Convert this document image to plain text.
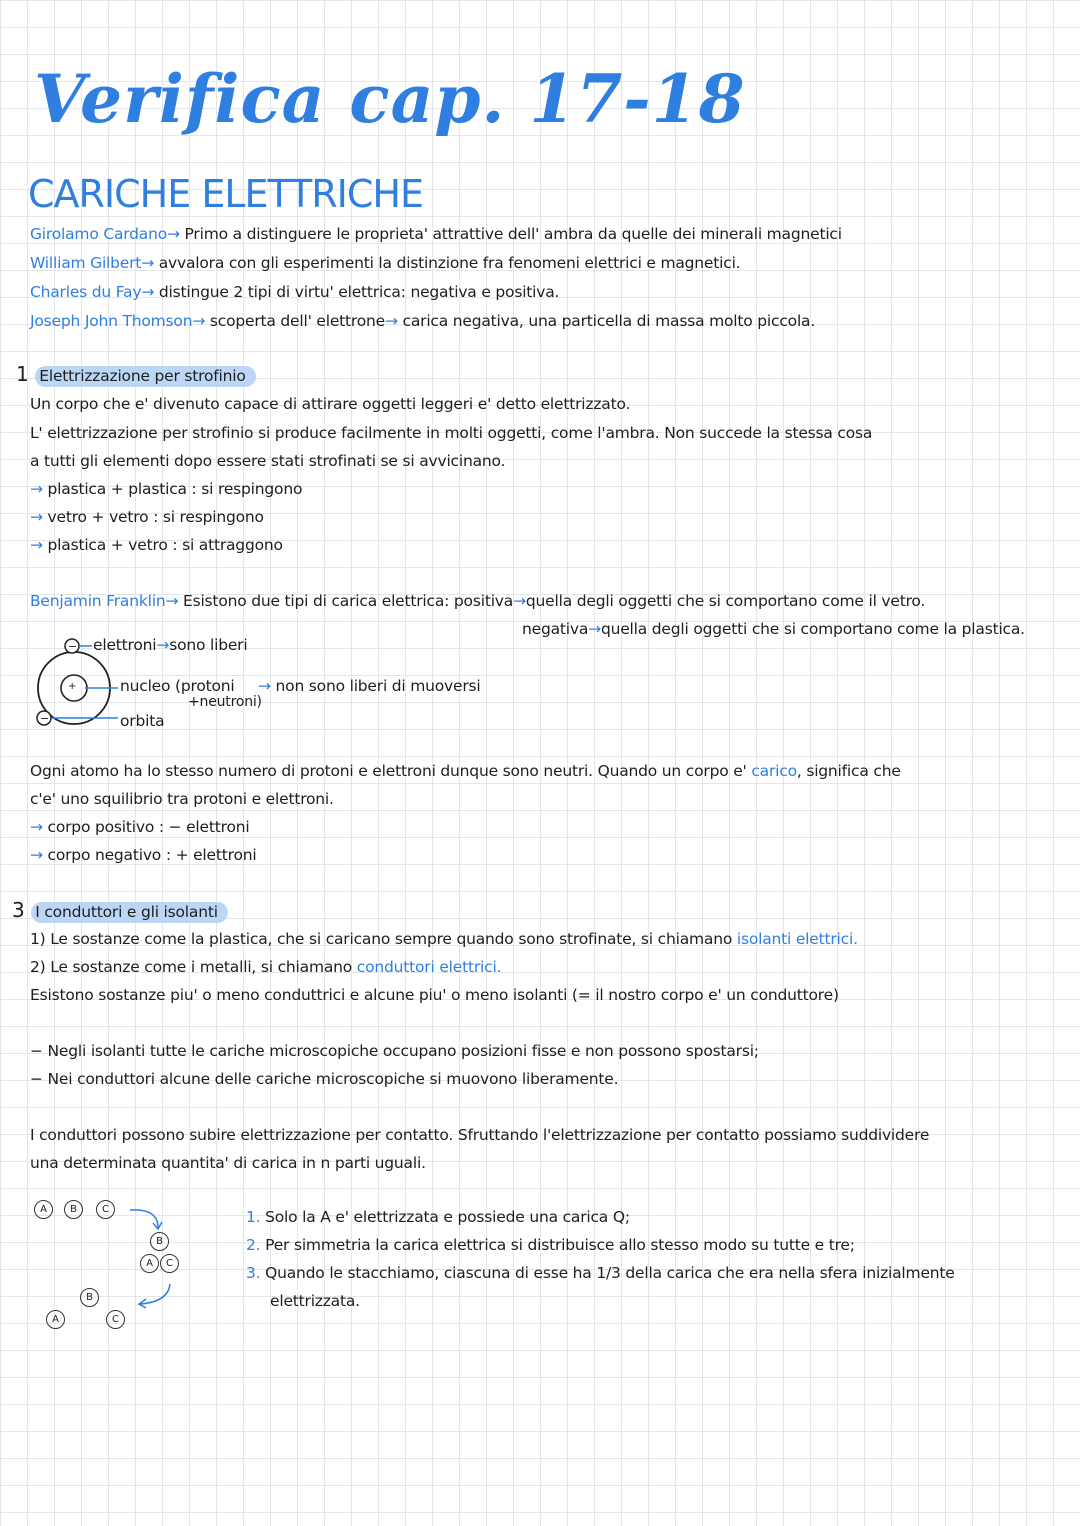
Verifica cap. 17-18
CARICHE ELETTRICHE
Girolamo Cardano→ Primo a distinguere le proprieta' attrattive dell' ambra da quelle dei minerali magnetici
William Gilbert→ avvalora con gli esperimenti la distinzione fra fenomeni elettrici e magnetici.
Charles du Fay→ distingue 2 tipi di virtu' elettrica: negativa e positiva.
Joseph John Thomson→ scoperta dell' elettrone→ carica negativa, una particella di massa molto piccola.
1 Elettrizzazione per strofinio
Un corpo che e' divenuto capace di attirare oggetti leggeri e' detto elettrizzato.
L' elettrizzazione per strofinio si produce facilmente in molti oggetti, come l'ambra. Non succede la stessa cosa
a tutti gli elementi dopo essere stati strofinati se si avvicinano.
→ plastica + plastica : si respingono
→ vetro + vetro : si respingono
→ plastica + vetro : si attraggono
Benjamin Franklin→ Esistono due tipi di carica elettrica: positiva→quella degli oggetti che si comportano come il vetro.
negativa→quella degli oggetti che si comportano come la plastica.
−
−
+
elettroni→sono liberi
nucleo (protoni
+neutroni)
→ non sono liberi di muoversi
orbita
Ogni atomo ha lo stesso numero di protoni e elettroni dunque sono neutri. Quando un corpo e' carico, significa che
c'e' uno squilibrio tra protoni e elettroni.
→ corpo positivo : − elettroni
→ corpo negativo : + elettroni
3 I conduttori e gli isolanti
1) Le sostanze come la plastica, che si caricano sempre quando sono strofinate, si chiamano isolanti elettrici.
2) Le sostanze come i metalli, si chiamano conduttori elettrici.
Esistono sostanze piu' o meno conduttrici e alcune piu' o meno isolanti (= il nostro corpo e' un conduttore)
− Negli isolanti tutte le cariche microscopiche occupano posizioni fisse e non possono spostarsi;
− Nei conduttori alcune delle cariche microscopiche si muovono liberamente.
I conduttori possono subire elettrizzazione per contatto. Sfruttando l'elettrizzazione per contatto possiamo suddividere
una determinata quantita' di carica in n parti uguali.
A	B	C
B
A	C
B
A	C
1. Solo la A e' elettrizzata e possiede una carica Q;
2. Per simmetria la carica elettrica si distribuisce allo stesso modo su tutte e tre;
3. Quando le stacchiamo, ciascuna di esse ha 1/3 della carica che era nella sfera inizialmente
elettrizzata.
